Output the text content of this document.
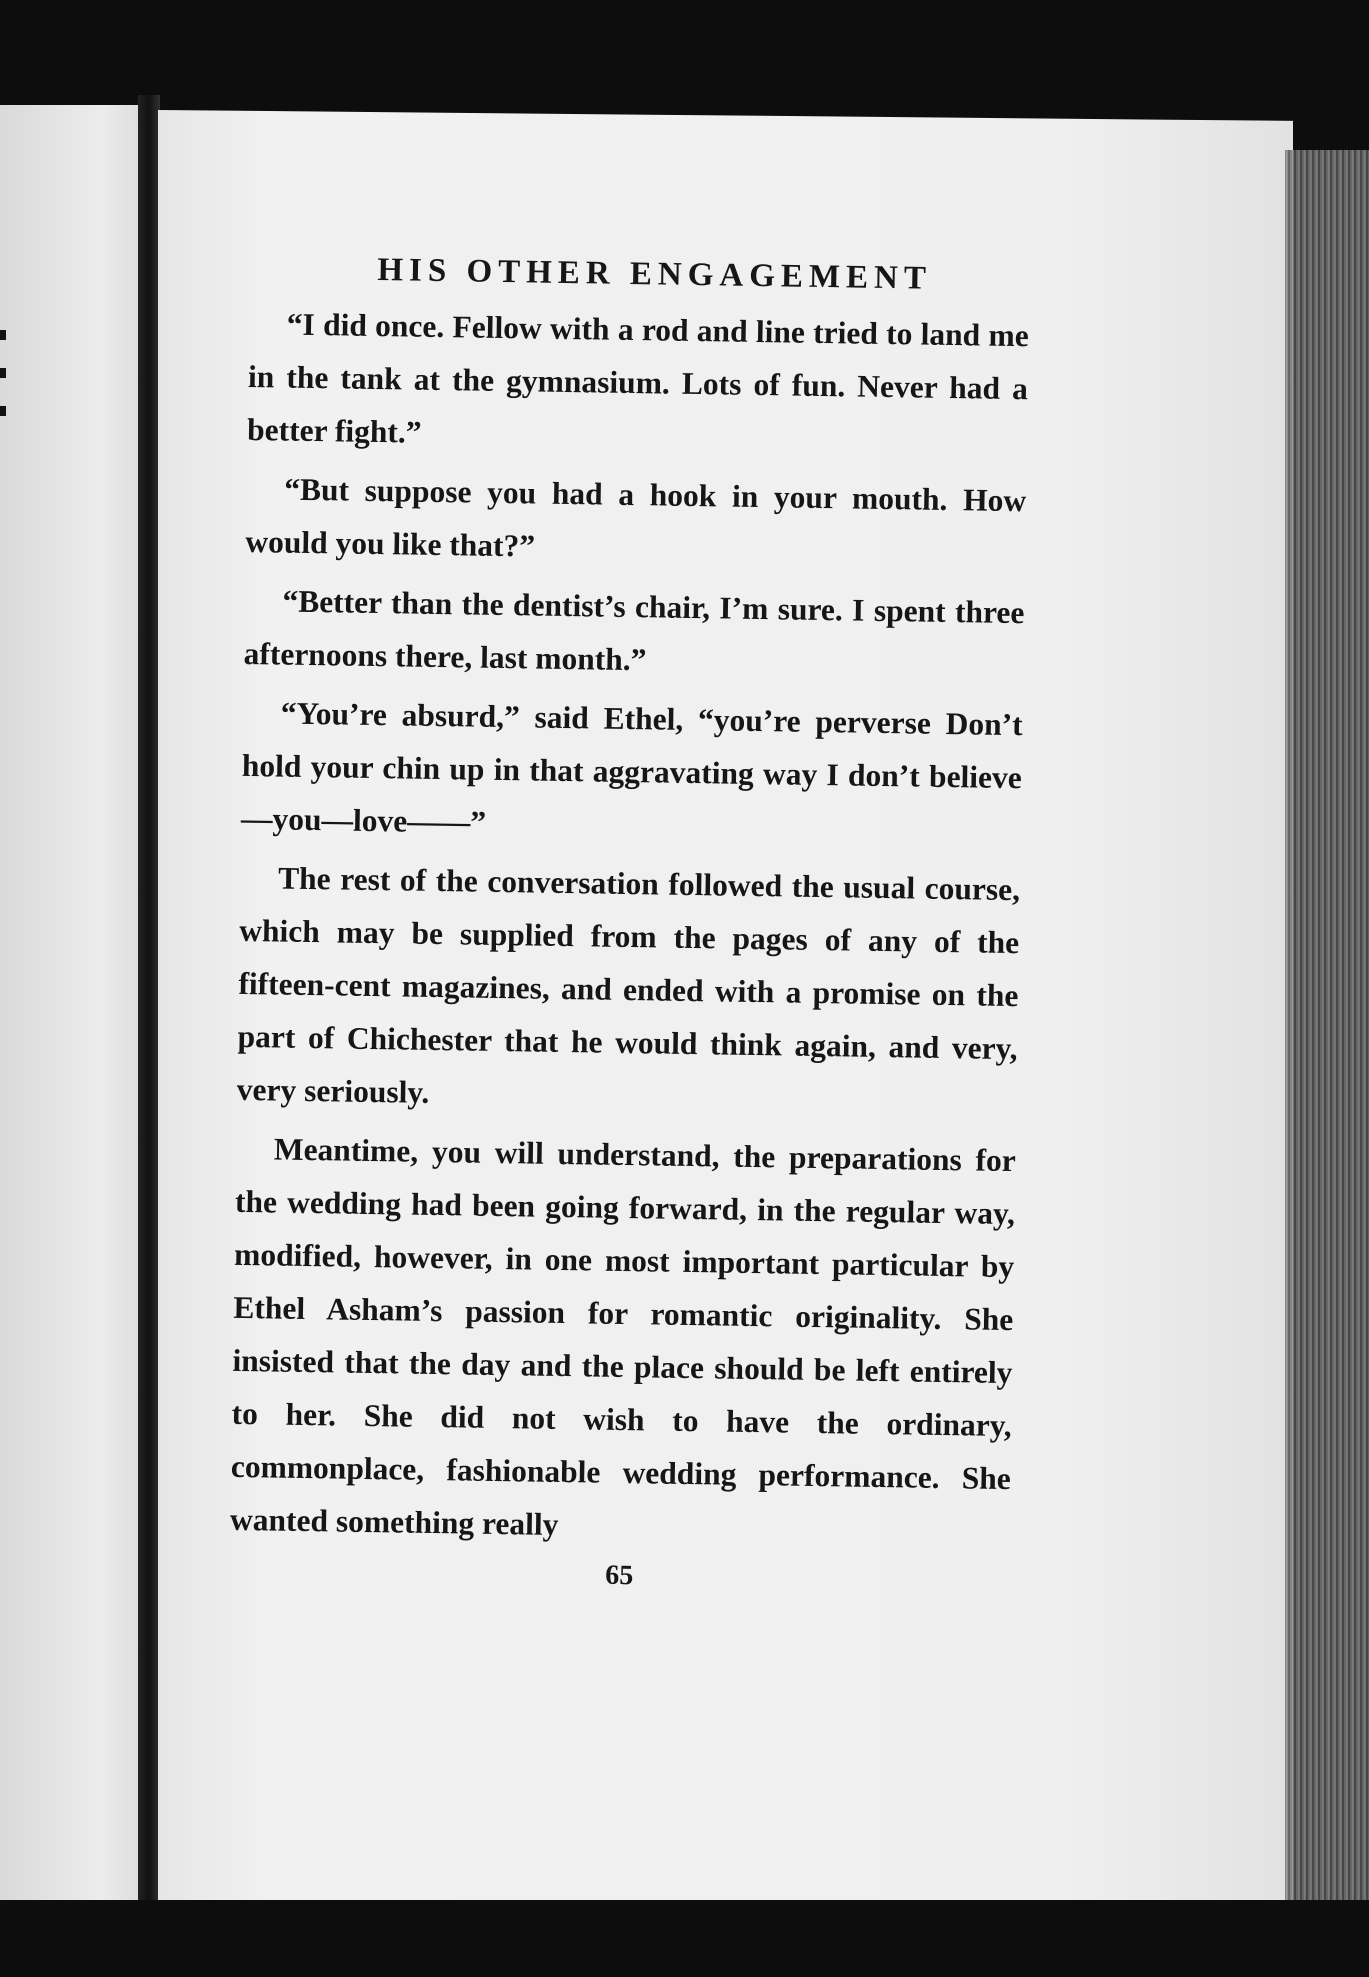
HIS OTHER ENGAGEMENT

“I did once. Fellow with a rod and line tried to land me in the tank at the gymnasium. Lots of fun. Never had a better fight.”

“But suppose you had a hook in your mouth. How would you like that?”

“Better than the dentist’s chair, I’m sure. I spent three afternoons there, last month.”

“You’re absurd,” said Ethel, “you’re perverse Don’t hold your chin up in that aggravating way I don’t believe—you—love——”

The rest of the conversation followed the usual course, which may be supplied from the pages of any of the fifteen-cent magazines, and ended with a promise on the part of Chichester that he would think again, and very, very seriously.

Meantime, you will understand, the preparations for the wedding had been going forward, in the regular way, modified, however, in one most important particular by Ethel Asham’s passion for romantic originality. She insisted that the day and the place should be left entirely to her. She did not wish to have the ordinary, commonplace, fashionable wedding performance. She wanted something really

65
